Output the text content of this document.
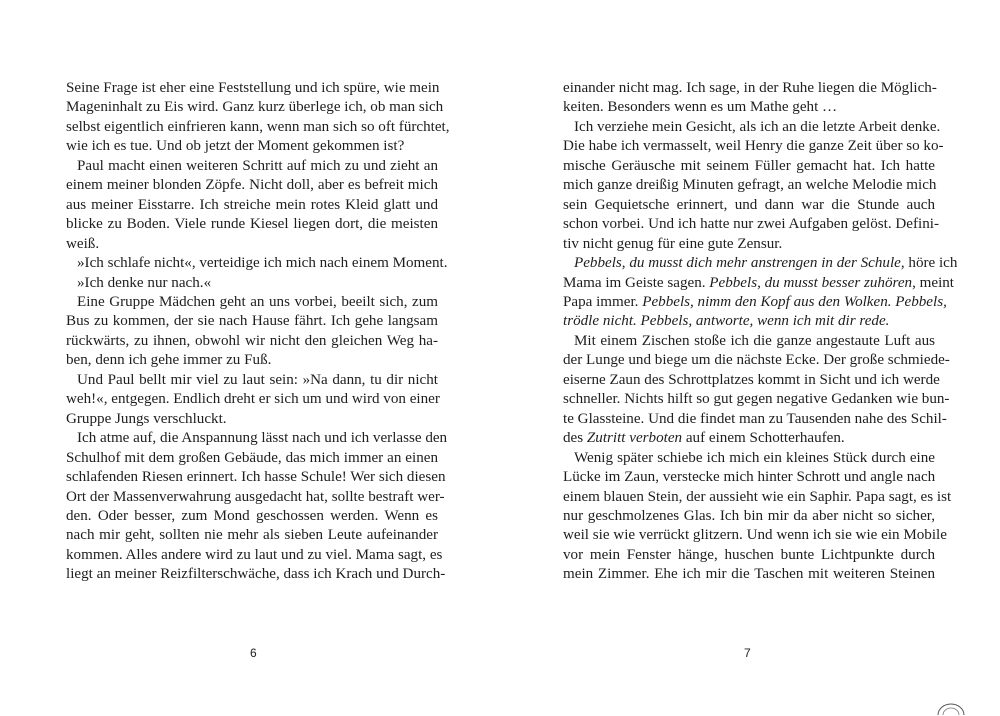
Seine Frage ist eher eine Feststellung und ich spüre, wie mein
Mageninhalt zu Eis wird. Ganz kurz überlege ich, ob man sich
selbst eigentlich einfrieren kann, wenn man sich so oft fürchtet,
wie ich es tue. Und ob jetzt der Moment gekommen ist?
Paul macht einen weiteren Schritt auf mich zu und zieht an
einem meiner blonden Zöpfe. Nicht doll, aber es befreit mich
aus meiner Eisstarre. Ich streiche mein rotes Kleid glatt und
blicke zu Boden. Viele runde Kiesel liegen dort, die meisten
weiß.
»Ich schlafe nicht«, verteidige ich mich nach einem Moment.
»Ich denke nur nach.«
Eine Gruppe Mädchen geht an uns vorbei, beeilt sich, zum
Bus zu kommen, der sie nach Hause fährt. Ich gehe langsam
rückwärts, zu ihnen, obwohl wir nicht den gleichen Weg ha-
ben, denn ich gehe immer zu Fuß.
Und Paul bellt mir viel zu laut sein: »Na dann, tu dir nicht
weh!«, entgegen. Endlich dreht er sich um und wird von einer
Gruppe Jungs verschluckt.
Ich atme auf, die Anspannung lässt nach und ich verlasse den
Schulhof mit dem großen Gebäude, das mich immer an einen
schlafenden Riesen erinnert. Ich hasse Schule! Wer sich diesen
Ort der Massenverwahrung ausgedacht hat, sollte bestraft wer-
den. Oder besser, zum Mond geschossen werden. Wenn es
nach mir geht, sollten nie mehr als sieben Leute aufeinander
kommen. Alles andere wird zu laut und zu viel. Mama sagt, es
liegt an meiner Reizfilterschwäche, dass ich Krach und Durch-
6
einander nicht mag. Ich sage, in der Ruhe liegen die Möglich-
keiten. Besonders wenn es um Mathe geht …
Ich verziehe mein Gesicht, als ich an die letzte Arbeit denke.
Die habe ich vermasselt, weil Henry die ganze Zeit über so ko-
mische Geräusche mit seinem Füller gemacht hat. Ich hatte
mich ganze dreißig Minuten gefragt, an welche Melodie mich
sein Gequietsche erinnert, und dann war die Stunde auch
schon vorbei. Und ich hatte nur zwei Aufgaben gelöst. Defini-
tiv nicht genug für eine gute Zensur.
Pebbels, du musst dich mehr anstrengen in der Schule, höre ich
Mama im Geiste sagen. Pebbels, du musst besser zuhören, meint
Papa immer. Pebbels, nimm den Kopf aus den Wolken. Pebbels,
trödle nicht. Pebbels, antworte, wenn ich mit dir rede.
Mit einem Zischen stoße ich die ganze angestaute Luft aus
der Lunge und biege um die nächste Ecke. Der große schmiede-
eiserne Zaun des Schrottplatzes kommt in Sicht und ich werde
schneller. Nichts hilft so gut gegen negative Gedanken wie bun-
te Glassteine. Und die findet man zu Tausenden nahe des Schil-
des Zutritt verboten auf einem Schotterhaufen.
Wenig später schiebe ich mich ein kleines Stück durch eine
Lücke im Zaun, verstecke mich hinter Schrott und angle nach
einem blauen Stein, der aussieht wie ein Saphir. Papa sagt, es ist
nur geschmolzenes Glas. Ich bin mir da aber nicht so sicher,
weil sie wie verrückt glitzern. Und wenn ich sie wie ein Mobile
vor mein Fenster hänge, huschen bunte Lichtpunkte durch
mein Zimmer. Ehe ich mir die Taschen mit weiteren Steinen
7
